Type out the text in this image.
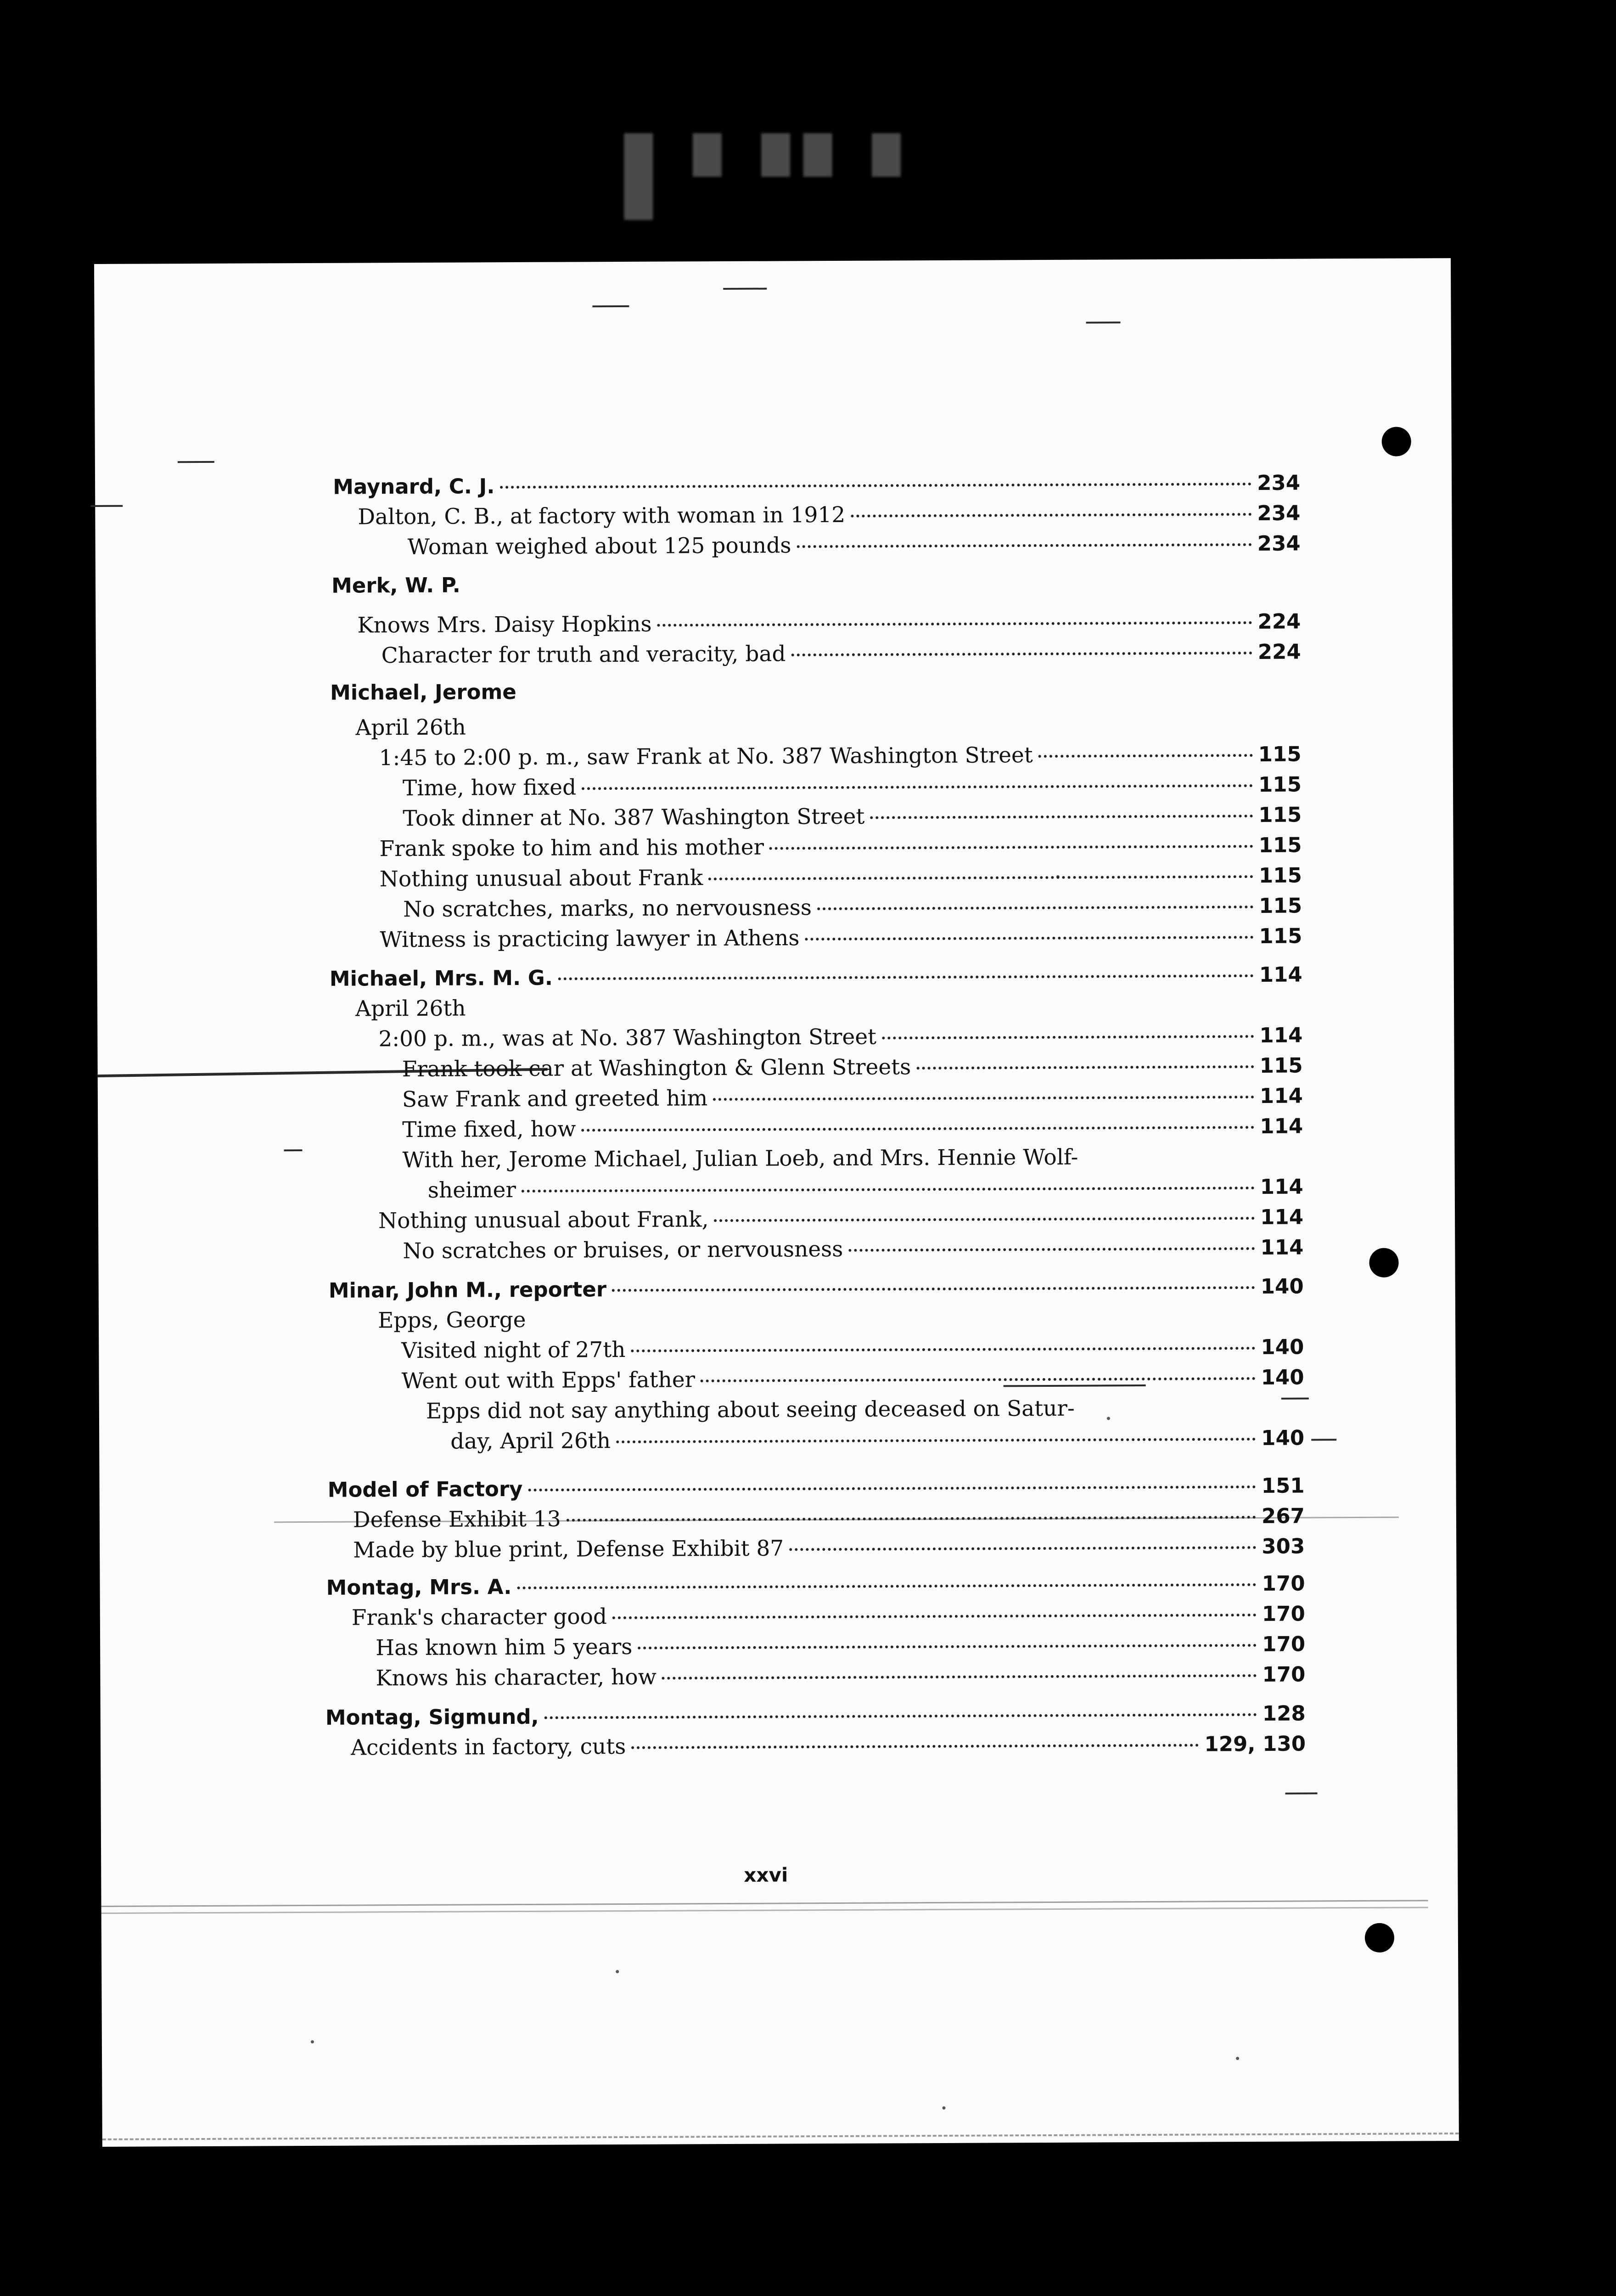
█ █ ██ █ █
Maynard, C. J.	234
Dalton, C. B., at factory with woman in 1912	234
Woman weighed about 125 pounds	234
Merk, W. P.
Knows Mrs. Daisy Hopkins	224
Character for truth and veracity, bad	224
Michael, Jerome
April 26th
1:45 to 2:00 p. m., saw Frank at No. 387 Washington Street	115
Time, how fixed	115
Took dinner at No. 387 Washington Street	115
Frank spoke to him and his mother	115
Nothing unusual about Frank	115
No scratches, marks, no nervousness	115
Witness is practicing lawyer in Athens	115
Michael, Mrs. M. G.	114
April 26th
2:00 p. m., was at No. 387 Washington Street	114
Frank took car at Washington & Glenn Streets	115
Saw Frank and greeted him	114
Time fixed, how	114
With her, Jerome Michael, Julian Loeb, and Mrs. Hennie Wolf-
sheimer	114
Nothing unusual about Frank,	114
No scratches or bruises, or nervousness	114
Minar, John M., reporter	140
Epps, George
Visited night of 27th	140
Went out with Epps' father	140
Epps did not say anything about seeing deceased on Satur-
day, April 26th	140
Model of Factory	151
Defense Exhibit 13	267
Made by blue print, Defense Exhibit 87	303
Montag, Mrs. A.	170
Frank's character good	170
Has known him 5 years	170
Knows his character, how	170
Montag, Sigmund,	128
Accidents in factory, cuts	129, 130
xxvi
